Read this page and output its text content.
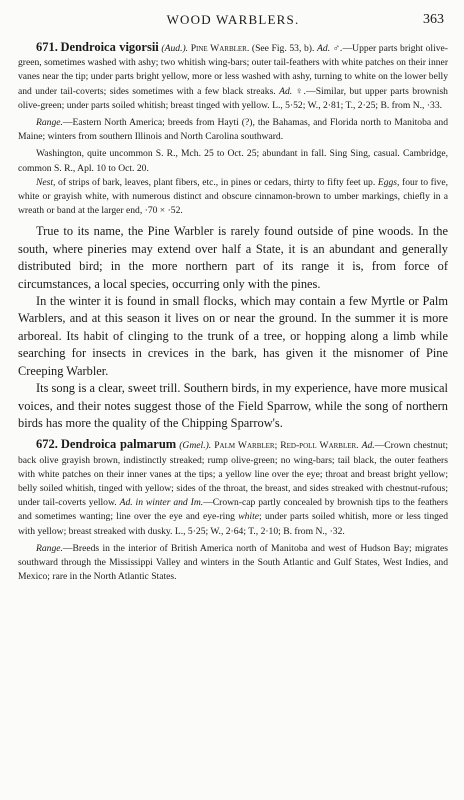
WOOD WARBLERS.	363

671. Dendroica vigorsii (Aud.). Pine Warbler. (See Fig. 53, b). Ad. ♂.—Upper parts bright olive-green, sometimes washed with ashy; two whitish wing-bars; outer tail-feathers with white patches on their inner vanes near the tip; under parts bright yellow, more or less washed with ashy, turning to white on the lower belly and under tail-coverts; sides sometimes with a few black streaks. Ad. ♀.—Similar, but upper parts brownish olive-green; under parts soiled whitish; breast tinged with yellow. L., 5·52; W., 2·81; T., 2·25; B. from N., ·33.

Range.—Eastern North America; breeds from Hayti (?), the Bahamas, and Florida north to Manitoba and Maine; winters from southern Illinois and North Carolina southward.

Washington, quite uncommon S. R., Mch. 25 to Oct. 25; abundant in fall. Sing Sing, casual. Cambridge, common S. R., Apl. 10 to Oct. 20.

Nest, of strips of bark, leaves, plant fibers, etc., in pines or cedars, thirty to fifty feet up. Eggs, four to five, white or grayish white, with numerous distinct and obscure cinnamon-brown to umber markings, chiefly in a wreath or band at the larger end, ·70 × ·52.

True to its name, the Pine Warbler is rarely found outside of pine woods. In the south, where pineries may extend over half a State, it is an abundant and generally distributed bird; in the more northern part of its range it is, from force of circumstances, a local species, occurring only with the pines.

In the winter it is found in small flocks, which may contain a few Myrtle or Palm Warblers, and at this season it lives on or near the ground. In the summer it is more arboreal. Its habit of clinging to the trunk of a tree, or hopping along a limb while searching for insects in crevices in the bark, has given it the misnomer of Pine Creeping Warbler.

Its song is a clear, sweet trill. Southern birds, in my experience, have more musical voices, and their notes suggest those of the Field Sparrow, while the song of northern birds has more the quality of the Chipping Sparrow's.

672. Dendroica palmarum (Gmel.). Palm Warbler; Red-poll Warbler. Ad.—Crown chestnut; back olive grayish brown, indistinctly streaked; rump olive-green; no wing-bars; tail black, the outer feathers with white patches on their inner vanes at the tips; a yellow line over the eye; throat and breast bright yellow; belly soiled whitish, tinged with yellow; sides of the throat, the breast, and sides streaked with chestnut-rufous; under tail-coverts yellow. Ad. in winter and Im.—Crown-cap partly concealed by brownish tips to the feathers and sometimes wanting; line over the eye and eye-ring white; under parts soiled whitish, more or less tinged with yellow; breast streaked with dusky. L., 5·25; W., 2·64; T., 2·10; B. from N., ·32.

Range.—Breeds in the interior of British America north of Manitoba and west of Hudson Bay; migrates southward through the Mississippi Valley and winters in the South Atlantic and Gulf States, West Indies, and Mexico; rare in the North Atlantic States.
